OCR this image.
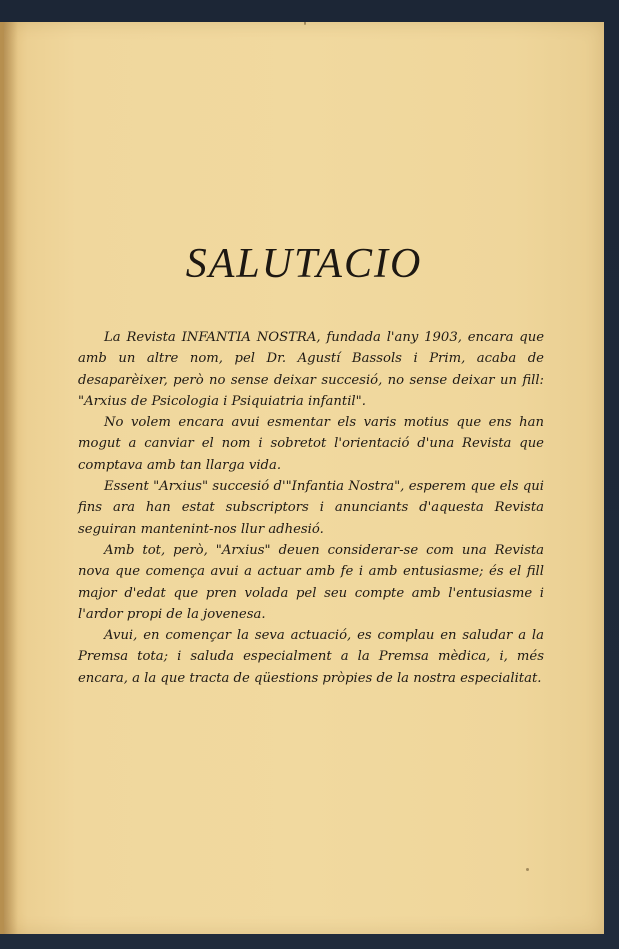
SALUTACIO

La Revista INFANTIA NOSTRA, fundada l'any 1903, encara que amb un altre nom, pel Dr. Agustí Bassols i Prim, acaba de desaparèixer, però no sense deixar succesió, no sense deixar un fill: "Arxius de Psicologia i Psiquiatria infantil".

No volem encara avui esmentar els varis motius que ens han mogut a canviar el nom i sobretot l'orientació d'una Revista que comptava amb tan llarga vida.

Essent "Arxius" succesió d'"Infantia Nostra", esperem que els qui fins ara han estat subscriptors i anunciants d'aquesta Revista seguiran mantenint-nos llur adhesió.

Amb tot, però, "Arxius" deuen considerar-se com una Revista nova que comença avui a actuar amb fe i amb entusiasme; és el fill major d'edat que pren volada pel seu compte amb l'entusiasme i l'ardor propi de la jovenesa.

Avui, en començar la seva actuació, es complau en saludar a la Premsa tota; i saluda especialment a la Premsa mèdica, i, més encara, a la que tracta de qüestions pròpies de la nostra especialitat.
